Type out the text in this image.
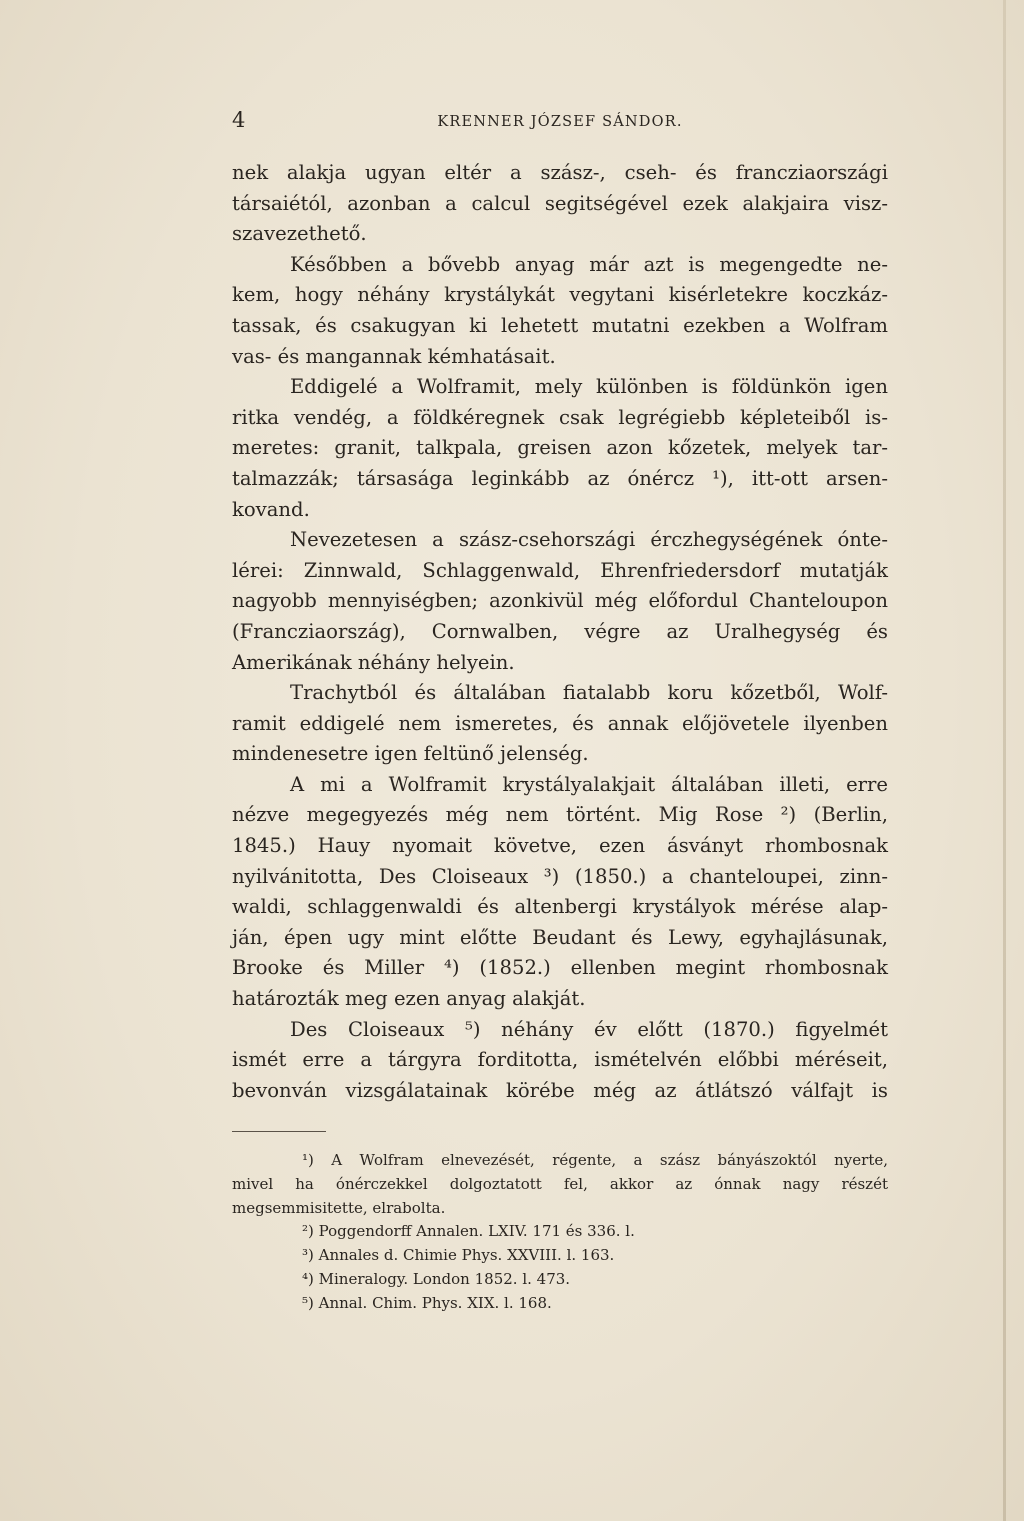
4	KRENNER JÓZSEF SÁNDOR.
nek alakja ugyan eltér a szász-, cseh- és francziaországi
társaiétól, azonban a calcul segitségével ezek alakjaira visz-
szavezethető.
Későbben a bővebb anyag már azt is megengedte ne-
kem, hogy néhány krystálykát vegytani kisérletekre koczkáz-
tassak, és csakugyan ki lehetett mutatni ezekben a Wolfram
vas- és mangannak kémhatásait.
Eddigelé a Wolframit, mely különben is földünkön igen
ritka vendég, a földkéregnek csak legrégiebb képleteiből is-
meretes: granit, talkpala, greisen azon kőzetek, melyek tar-
talmazzák; társasága leginkább az ónércz ¹), itt-ott arsen-
kovand.
Nevezetesen a szász-csehországi érczhegységének ónte-
lérei: Zinnwald, Schlaggenwald, Ehrenfriedersdorf mutatják
nagyobb mennyiségben; azonkivül még előfordul Chanteloupon
(Francziaország), Cornwalben, végre az Uralhegység és
Amerikának néhány helyein.
Trachytból és általában fiatalabb koru kőzetből, Wolf-
ramit eddigelé nem ismeretes, és annak előjövetele ilyenben
mindenesetre igen feltünő jelenség.
A mi a Wolframit krystályalakjait általában illeti, erre
nézve megegyezés még nem történt. Mig Rose ²) (Berlin,
1845.) Hauy nyomait követve, ezen ásványt rhombosnak
nyilvánitotta, Des Cloiseaux ³) (1850.) a chanteloupei, zinn-
waldi, schlaggenwaldi és altenbergi krystályok mérése alap-
ján, épen ugy mint előtte Beudant és Lewy, egyhajlásunak,
Brooke és Miller ⁴) (1852.) ellenben megint rhombosnak
határozták meg ezen anyag alakját.
Des Cloiseaux ⁵) néhány év előtt (1870.) figyelmét
ismét erre a tárgyra forditotta, ismételvén előbbi méréseit,
bevonván vizsgálatainak körébe még az átlátszó válfajt is
¹) A Wolfram elnevezését, régente, a szász bányászoktól nyerte,
mivel ha ónérczekkel dolgoztatott fel, akkor az ónnak nagy részét
megsemmisitette, elrabolta.
²) Poggendorff Annalen. LXIV. 171 és 336. l.
³) Annales d. Chimie Phys. XXVIII. l. 163.
⁴) Mineralogy. London 1852. l. 473.
⁵) Annal. Chim. Phys. XIX. l. 168.
